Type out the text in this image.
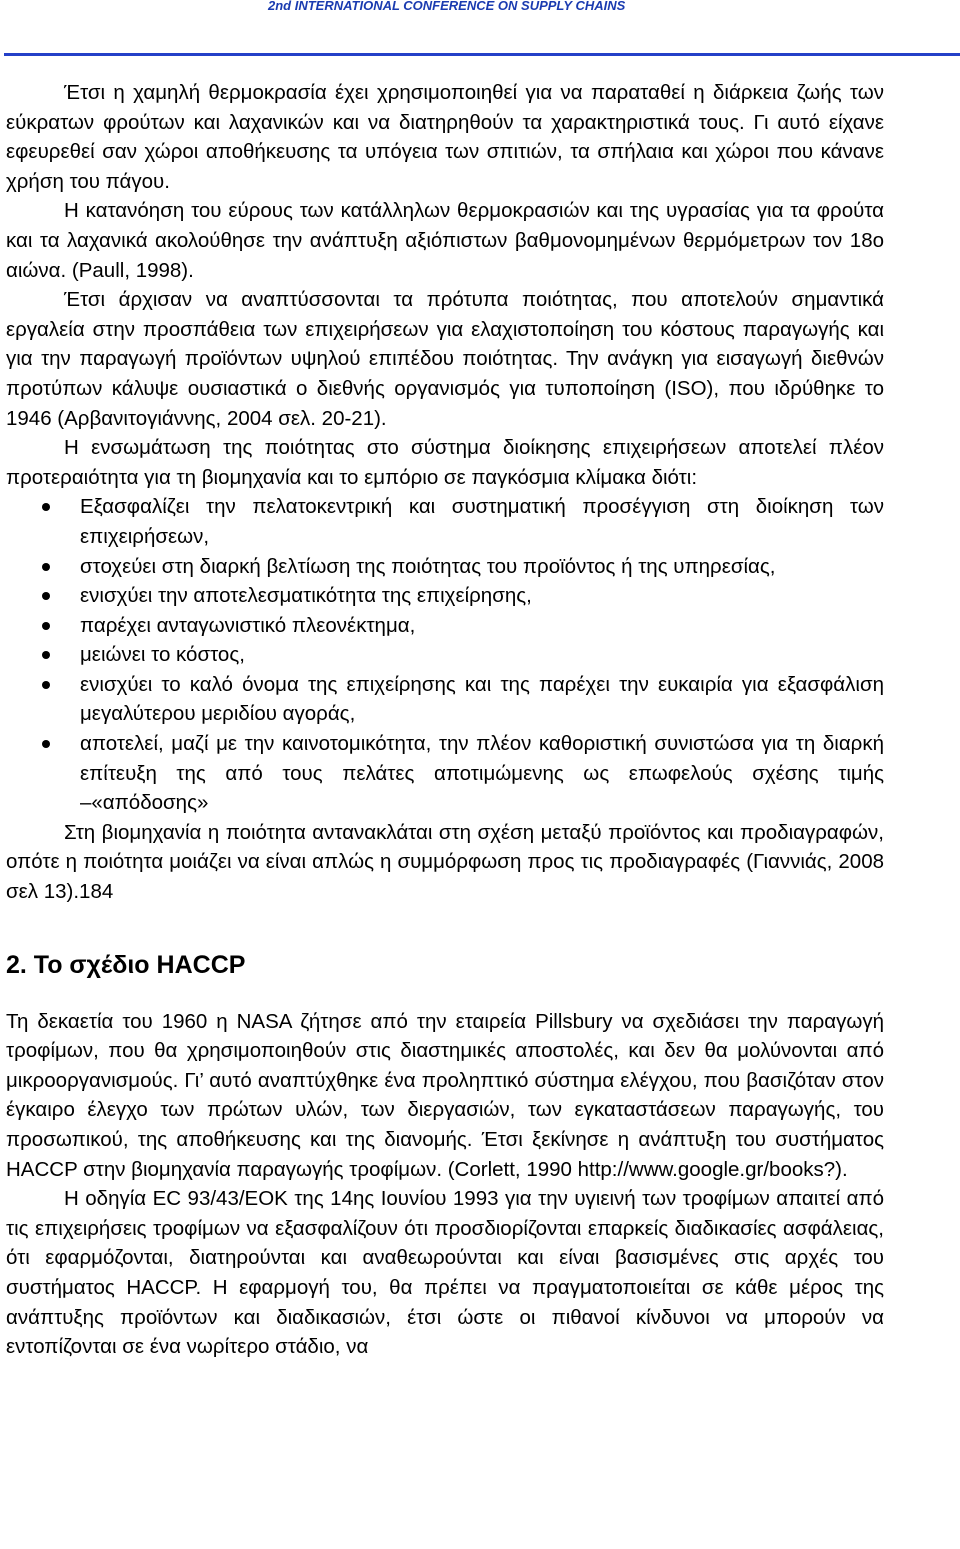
2nd INTERNATIONAL CONFERENCE ON SUPPLY CHAINS

Έτσι η χαμηλή θερμοκρασία έχει χρησιμοποιηθεί για να παραταθεί η διάρκεια ζωής των εύκρατων φρούτων και λαχανικών και να διατηρηθούν τα χαρακτηριστικά τους. Γι αυτό είχανε εφευρεθεί σαν χώροι αποθήκευσης τα υπόγεια των σπιτιών, τα σπήλαια και χώροι που κάνανε χρήση του πάγου.

Η κατανόηση του εύρους των κατάλληλων θερμοκρασιών και της υγρασίας για τα φρούτα και τα λαχανικά ακολούθησε την ανάπτυξη αξιόπιστων βαθμονομημένων θερμόμετρων τον 18ο αιώνα. (Paull, 1998).

Έτσι άρχισαν να αναπτύσσονται τα πρότυπα ποιότητας, που αποτελούν σημαντικά εργαλεία στην προσπάθεια των επιχειρήσεων για ελαχιστοποίηση του κόστους παραγωγής και για την παραγωγή προϊόντων υψηλού επιπέδου ποιότητας. Την ανάγκη για εισαγωγή διεθνών προτύπων κάλυψε ουσιαστικά ο διεθνής οργανισμός για τυποποίηση (ISO), που ιδρύθηκε το 1946 (Αρβανιτογιάννης, 2004 σελ. 20-21).

Η ενσωμάτωση της ποιότητας στο σύστημα διοίκησης επιχειρήσεων αποτελεί πλέον προτεραιότητα για τη βιομηχανία και το εμπόριο σε παγκόσμια κλίμακα διότι:

Εξασφαλίζει την πελατοκεντρική και συστηματική προσέγγιση στη διοίκηση των επιχειρήσεων,
στοχεύει στη διαρκή βελτίωση της ποιότητας του προϊόντος ή της υπηρεσίας,
ενισχύει την αποτελεσματικότητα της επιχείρησης,
παρέχει ανταγωνιστικό πλεονέκτημα,
μειώνει το κόστος,
ενισχύει το καλό όνομα της επιχείρησης και της παρέχει την ευκαιρία για εξασφάλιση μεγαλύτερου μεριδίου αγοράς,
αποτελεί, μαζί με την καινοτομικότητα, την πλέον καθοριστική συνιστώσα για τη διαρκή επίτευξη της από τους πελάτες αποτιμώμενης ως επωφελούς σχέσης τιμής –«απόδοσης»

Στη βιομηχανία η ποιότητα αντανακλάται στη σχέση μεταξύ προϊόντος και προδιαγραφών, οπότε η ποιότητα μοιάζει να είναι απλώς η συμμόρφωση προς τις προδιαγραφές (Γιαννιάς, 2008 σελ 13).184

2. Το σχέδιο HACCP

Τη δεκαετία του 1960 η NASA ζήτησε από την εταιρεία Pillsbury να σχεδιάσει την παραγωγή τροφίμων, που θα χρησιμοποιηθούν στις διαστημικές αποστολές, και δεν θα μολύνονται από μικροοργανισμούς. Γι’ αυτό αναπτύχθηκε ένα προληπτικό σύστημα ελέγχου, που βασιζόταν στον έγκαιρο έλεγχο των πρώτων υλών, των διεργασιών, των εγκαταστάσεων παραγωγής, του προσωπικού, της αποθήκευσης και της διανομής. Έτσι ξεκίνησε η ανάπτυξη του συστήματος HACCP στην βιομηχανία παραγωγής τροφίμων. (Corlett, 1990 http://www.google.gr/books?).

Η οδηγία EC 93/43/EOK της 14ης Ιουνίου 1993 για την υγιεινή των τροφίμων απαιτεί από τις επιχειρήσεις τροφίμων να εξασφαλίζουν ότι προσδιορίζονται επαρκείς διαδικασίες ασφάλειας, ότι εφαρμόζονται, διατηρούνται και αναθεωρούνται και είναι βασισμένες στις αρχές του συστήματος HACCP. Η εφαρμογή του, θα πρέπει να πραγματοποιείται σε κάθε μέρος της ανάπτυξης προϊόντων και διαδικασιών, έτσι ώστε οι πιθανοί κίνδυνοι να μπορούν να εντοπίζονται σε ένα νωρίτερο στάδιο, να
